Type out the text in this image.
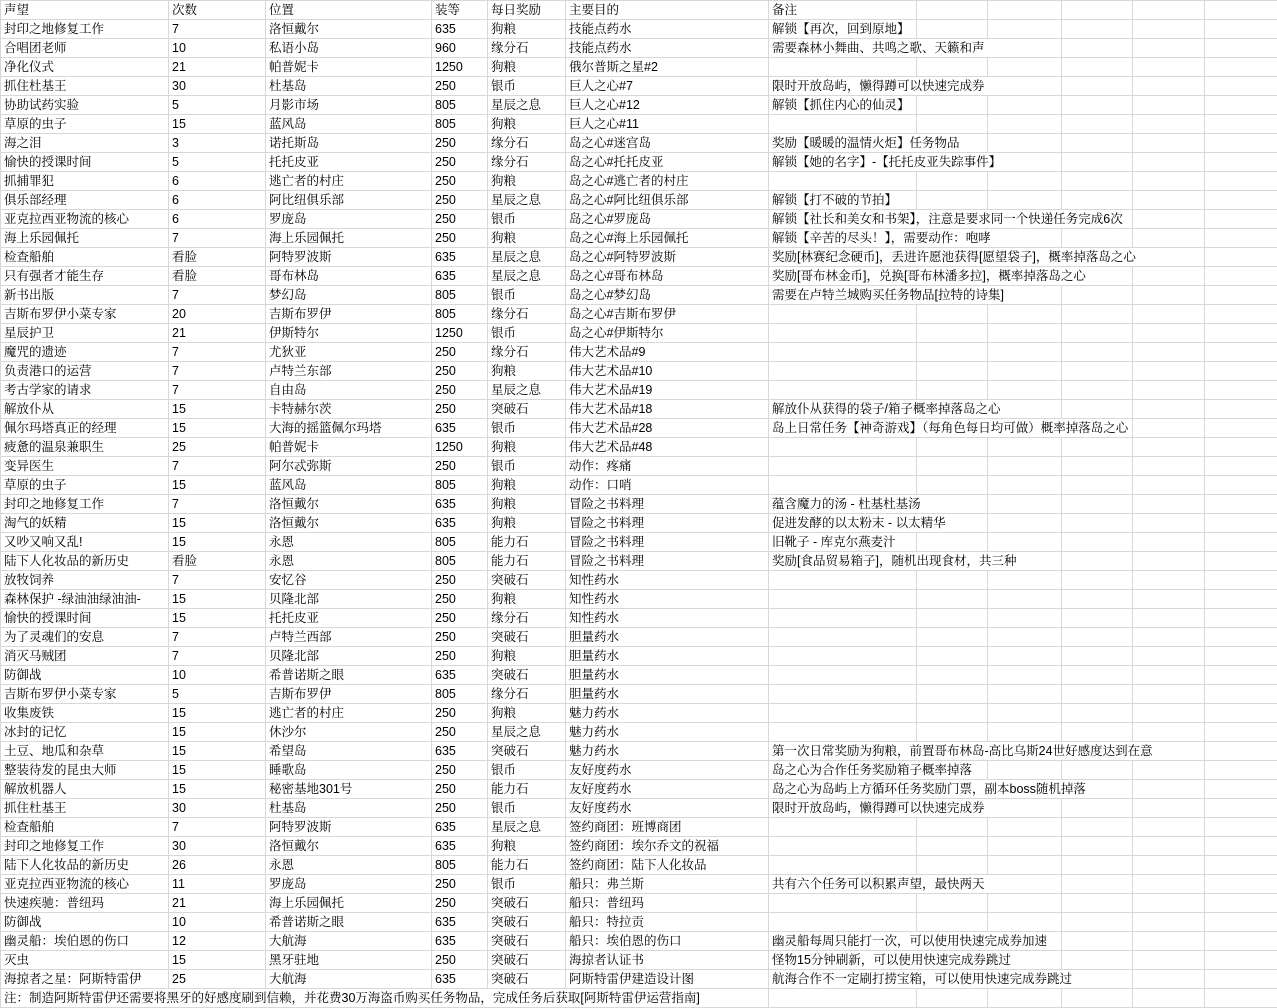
声望	次数	位置	装等	每日奖励	主要目的	备注					
封印之地修复工作	7	洛恒戴尔	635	狗粮	技能点药水	解锁【再次，回到原地】					
合唱团老师	10	私语小岛	960	缘分石	技能点药水	需要森林小舞曲、共鸣之歌、天籁和声					
净化仪式	21	帕普妮卡	1250	狗粮	俄尔普斯之星#2						
抓住杜基王	30	杜基岛	250	银币	巨人之心#7	限时开放岛屿，懒得蹲可以快速完成券					
协助试药实验	5	月影市场	805	星辰之息	巨人之心#12	解锁【抓住内心的仙灵】					
草原的虫子	15	蓝风岛	805	狗粮	巨人之心#11						
海之泪	3	诺托斯岛	250	缘分石	岛之心#迷宫岛	奖励【暖暖的温情火炬】任务物品					
愉快的授课时间	5	托托皮亚	250	缘分石	岛之心#托托皮亚	解锁【她的名字】-【托托皮亚失踪事件】					
抓捕罪犯	6	逃亡者的村庄	250	狗粮	岛之心#逃亡者的村庄						
俱乐部经理	6	阿比纽俱乐部	250	星辰之息	岛之心#阿比纽俱乐部	解锁【打不破的节拍】					
亚克拉西亚物流的核心	6	罗庞岛	250	银币	岛之心#罗庞岛	解锁【社长和美女和书架】，注意是要求同一个快递任务完成6次					
海上乐园佩托	7	海上乐园佩托	250	狗粮	岛之心#海上乐园佩托	解锁【辛苦的尽头！】，需要动作：咆哮					
检查船舶	看脸	阿特罗波斯	635	星辰之息	岛之心#阿特罗波斯	奖励[林赛纪念硬币]，丢进许愿池获得[愿望袋子]，概率掉落岛之心					
只有强者才能生存	看脸	哥布林岛	635	星辰之息	岛之心#哥布林岛	奖励[哥布林金币]，兑换[哥布林潘多拉]，概率掉落岛之心					
新书出版	7	梦幻岛	805	银币	岛之心#梦幻岛	需要在卢特兰城购买任务物品[拉特的诗集]					
吉斯布罗伊小菜专家	20	吉斯布罗伊	805	缘分石	岛之心#吉斯布罗伊						
星辰护卫	21	伊斯特尔	1250	银币	岛之心#伊斯特尔						
魔咒的遗迹	7	尤狄亚	250	缘分石	伟大艺术品#9						
负责港口的运营	7	卢特兰东部	250	狗粮	伟大艺术品#10						
考古学家的请求	7	自由岛	250	星辰之息	伟大艺术品#19						
解放仆从	15	卡特赫尔茨	250	突破石	伟大艺术品#18	解放仆从获得的袋子/箱子概率掉落岛之心					
佩尔玛塔真正的经理	15	大海的摇篮佩尔玛塔	635	银币	伟大艺术品#28	岛上日常任务【神奇游戏】（每角色每日均可做）概率掉落岛之心					
疲惫的温泉兼职生	25	帕普妮卡	1250	狗粮	伟大艺术品#48						
变异医生	7	阿尔忒弥斯	250	银币	动作：疼痛						
草原的虫子	15	蓝风岛	805	狗粮	动作：口哨						
封印之地修复工作	7	洛恒戴尔	635	狗粮	冒险之书料理	蕴含魔力的汤 - 杜基杜基汤					
淘气的妖精	15	洛恒戴尔	635	狗粮	冒险之书料理	促进发酵的以太粉末 - 以太精华					
又吵又响又乱!	15	永恩	805	能力石	冒险之书料理	旧靴子 - 库克尔燕麦汁					
陆下人化妆品的新历史	看脸	永恩	805	能力石	冒险之书料理	奖励[食品贸易箱子]，随机出现食材，共三种					
放牧饲养	7	安忆谷	250	突破石	知性药水						
森林保护 -绿油油绿油油-	15	贝隆北部	250	狗粮	知性药水						
愉快的授课时间	15	托托皮亚	250	缘分石	知性药水						
为了灵魂们的安息	7	卢特兰西部	250	突破石	胆量药水						
消灭马贼团	7	贝隆北部	250	狗粮	胆量药水						
防御战	10	希普诺斯之眼	635	突破石	胆量药水						
吉斯布罗伊小菜专家	5	吉斯布罗伊	805	缘分石	胆量药水						
收集废铁	15	逃亡者的村庄	250	狗粮	魅力药水						
冰封的记忆	15	休沙尔	250	星辰之息	魅力药水						
土豆、地瓜和杂草	15	希望岛	635	突破石	魅力药水	第一次日常奖励为狗粮，前置哥布林岛-高比乌斯24世好感度达到在意					
整装待发的昆虫大师	15	睡歌岛	250	银币	友好度药水	岛之心为合作任务奖励箱子概率掉落					
解放机器人	15	秘密基地301号	250	能力石	友好度药水	岛之心为岛屿上方循环任务奖励门票，副本boss随机掉落					
抓住杜基王	30	杜基岛	250	银币	友好度药水	限时开放岛屿，懒得蹲可以快速完成券					
检查船舶	7	阿特罗波斯	635	星辰之息	签约商团：班博商团						
封印之地修复工作	30	洛恒戴尔	635	狗粮	签约商团：埃尔乔文的祝福						
陆下人化妆品的新历史	26	永恩	805	能力石	签约商团：陆下人化妆品						
亚克拉西亚物流的核心	11	罗庞岛	250	银币	船只：弗兰斯	共有六个任务可以积累声望，最快两天					
快速疾驰：普纽玛	21	海上乐园佩托	250	突破石	船只：普纽玛						
防御战	10	希普诺斯之眼	635	突破石	船只：特拉贡						
幽灵船：埃伯恩的伤口	12	大航海	635	突破石	船只：埃伯恩的伤口	幽灵船每周只能打一次，可以使用快速完成券加速					
灭虫	15	黑牙驻地	250	突破石	海掠者认证书	怪物15分钟刷新，可以使用快速完成券跳过					
海掠者之星：阿斯特雷伊	25	大航海	635	突破石	阿斯特雷伊建造设计图	航海合作不一定刷打捞宝箱，可以使用快速完成券跳过					
注：制造阿斯特雷伊还需要将黑牙的好感度刷到信赖，并花费30万海盗币购买任务物品，完成任务后获取[阿斯特雷伊运营指南]											
